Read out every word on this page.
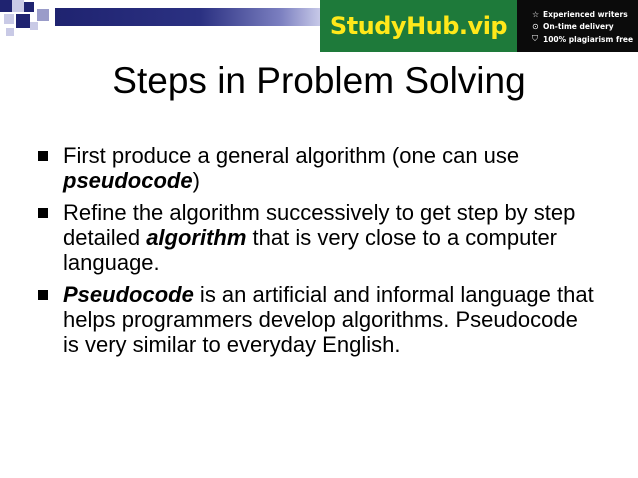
StudyHub.vip	☆ Experienced writers
⊙ On-time delivery
⛉ 100% plagiarism free
Steps in Problem Solving
First produce a general algorithm (one can use pseudocode)
Refine the algorithm successively to get step by step detailed algorithm that is very close to a computer language.
Pseudocode is an artificial and informal language that helps programmers develop algorithms. Pseudocode is very similar to everyday English.
